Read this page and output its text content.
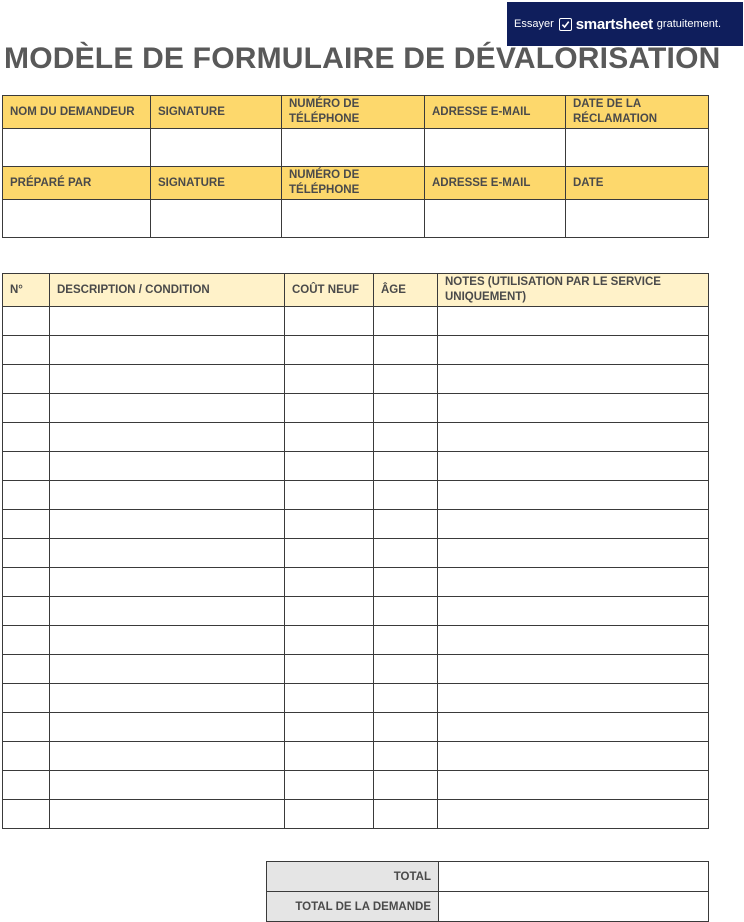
Essayer smartsheet gratuitement.
MODÈLE DE FORMULAIRE DE DÉVALORISATION
NOM DU DEMANDEUR	SIGNATURE	NUMÉRO DE TÉLÉPHONE	ADRESSE E-MAIL	DATE DE LA RÉCLAMATION

PRÉPARÉ PAR	SIGNATURE	NUMÉRO DE TÉLÉPHONE	ADRESSE E-MAIL	DATE

N°	DESCRIPTION / CONDITION	COÛT NEUF	ÂGE	NOTES (UTILISATION PAR LE SERVICE UNIQUEMENT)

TOTAL	
TOTAL DE LA DEMANDE	
